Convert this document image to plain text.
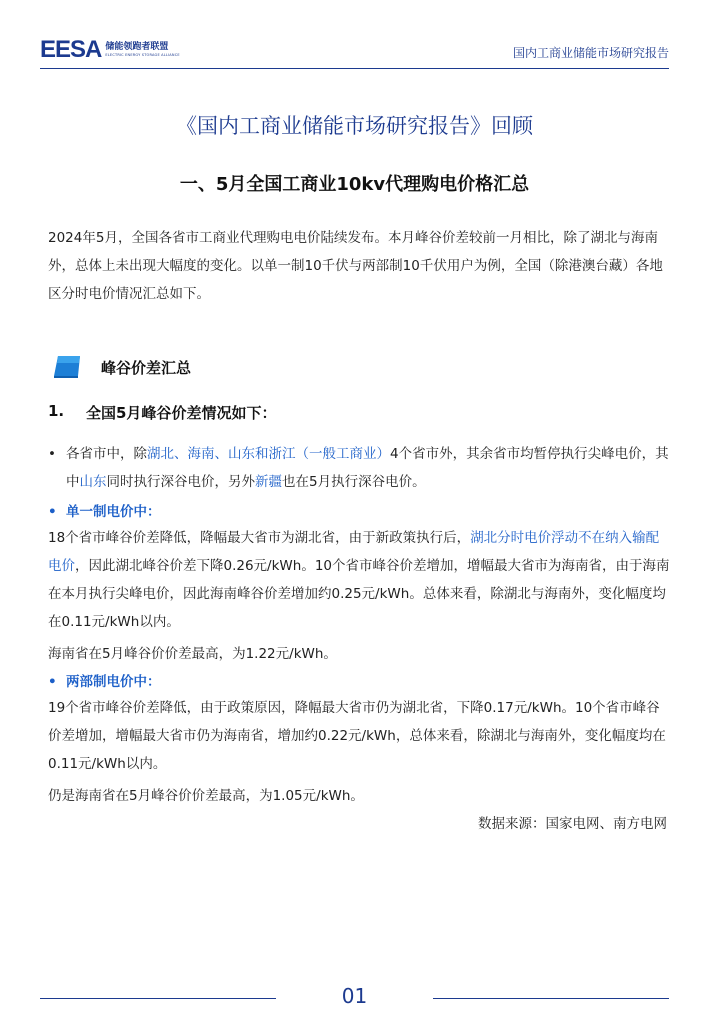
EESA 储能领跑者联盟
ELECTRIC ENERGY STORAGE ALLIANCE	国内工商业储能市场研究报告
《国内工商业储能市场研究报告》回顾
一、5月全国工商业10kv代理购电价格汇总
2024年5月，全国各省市工商业代理购电电价陆续发布。本月峰谷价差较前一月相比，除了湖北与海南外，总体上未出现大幅度的变化。以单一制10千伏与两部制10千伏用户为例，全国（除港澳台藏）各地区分时电价情况汇总如下。
峰谷价差汇总
1. 全国5月峰谷价差情况如下：
• 各省市中，除湖北、海南、山东和浙江（一般工商业）4个省市外，其余省市均暂停执行尖峰电价，其中山东同时执行深谷电价，另外新疆也在5月执行深谷电价。
• 单一制电价中：
18个省市峰谷价差降低，降幅最大省市为湖北省，由于新政策执行后，湖北分时电价浮动不在纳入输配电价，因此湖北峰谷价差下降0.26元/kWh。10个省市峰谷价差增加，增幅最大省市为海南省，由于海南在本月执行尖峰电价，因此海南峰谷价差增加约0.25元/kWh。总体来看，除湖北与海南外，变化幅度均在0.11元/kWh以内。
海南省在5月峰谷价价差最高，为1.22元/kWh。
• 两部制电价中：
19个省市峰谷价差降低，由于政策原因，降幅最大省市仍为湖北省，下降0.17元/kWh。10个省市峰谷价差增加，增幅最大省市仍为海南省，增加约0.22元/kWh，总体来看，除湖北与海南外，变化幅度均在0.11元/kWh以内。
仍是海南省在5月峰谷价价差最高，为1.05元/kWh。
数据来源：国家电网、南方电网
01
